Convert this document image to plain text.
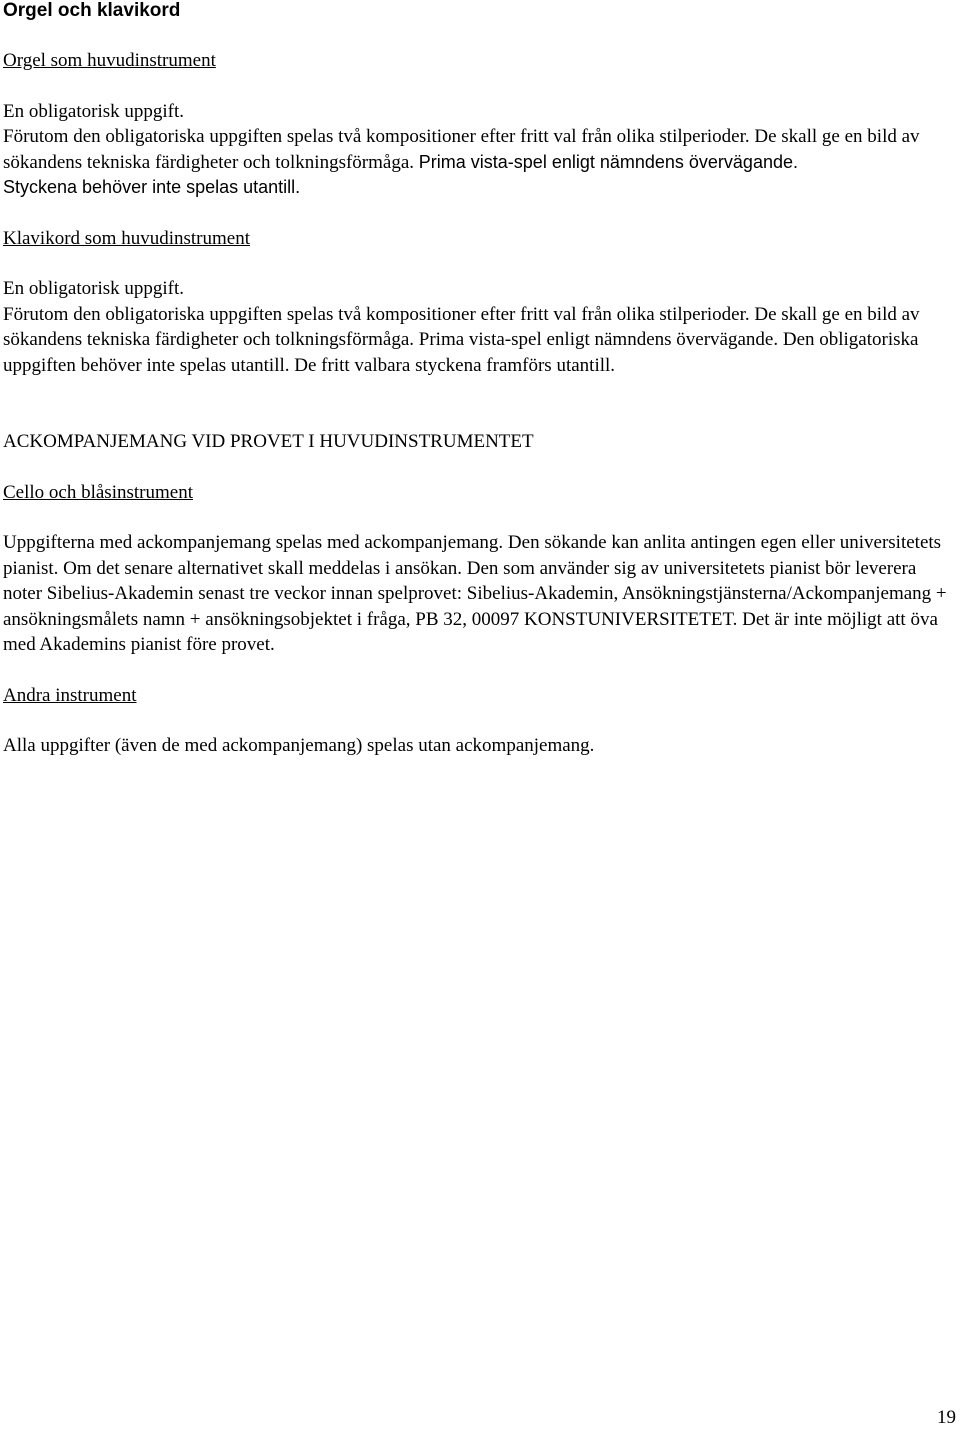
Orgel och klavikord

Orgel som huvudinstrument

En obligatorisk uppgift.

Förutom den obligatoriska uppgiften spelas två kompositioner efter fritt val från olika stilperioder. De skall ge en bild av sökandens tekniska färdigheter och tolkningsförmåga. Prima vista-spel enligt nämndens övervägande.

Styckena behöver inte spelas utantill.

Klavikord som huvudinstrument

En obligatorisk uppgift.

Förutom den obligatoriska uppgiften spelas två kompositioner efter fritt val från olika stilperioder. De skall ge en bild av sökandens tekniska färdigheter och tolkningsförmåga. Prima vista-spel enligt nämndens övervägande. Den obligatoriska uppgiften behöver inte spelas utantill. De fritt valbara styckena framförs utantill.

ACKOMPANJEMANG VID PROVET I HUVUDINSTRUMENTET

Cello och blåsinstrument

Uppgifterna med ackompanjemang spelas med ackompanjemang. Den sökande kan anlita antingen egen eller universitetets pianist. Om det senare alternativet skall meddelas i ansökan. Den som använder sig av universitetets pianist bör leverera noter Sibelius-Akademin senast tre veckor innan spelprovet: Sibelius-Akademin, Ansökningstjänsterna/Ackompanjemang + ansökningsmålets namn + ansökningsobjektet i fråga, PB 32, 00097 KONSTUNIVERSITETET. Det är inte möjligt att öva med Akademins pianist före provet.

Andra instrument

Alla uppgifter (även de med ackompanjemang) spelas utan ackompanjemang.

19
